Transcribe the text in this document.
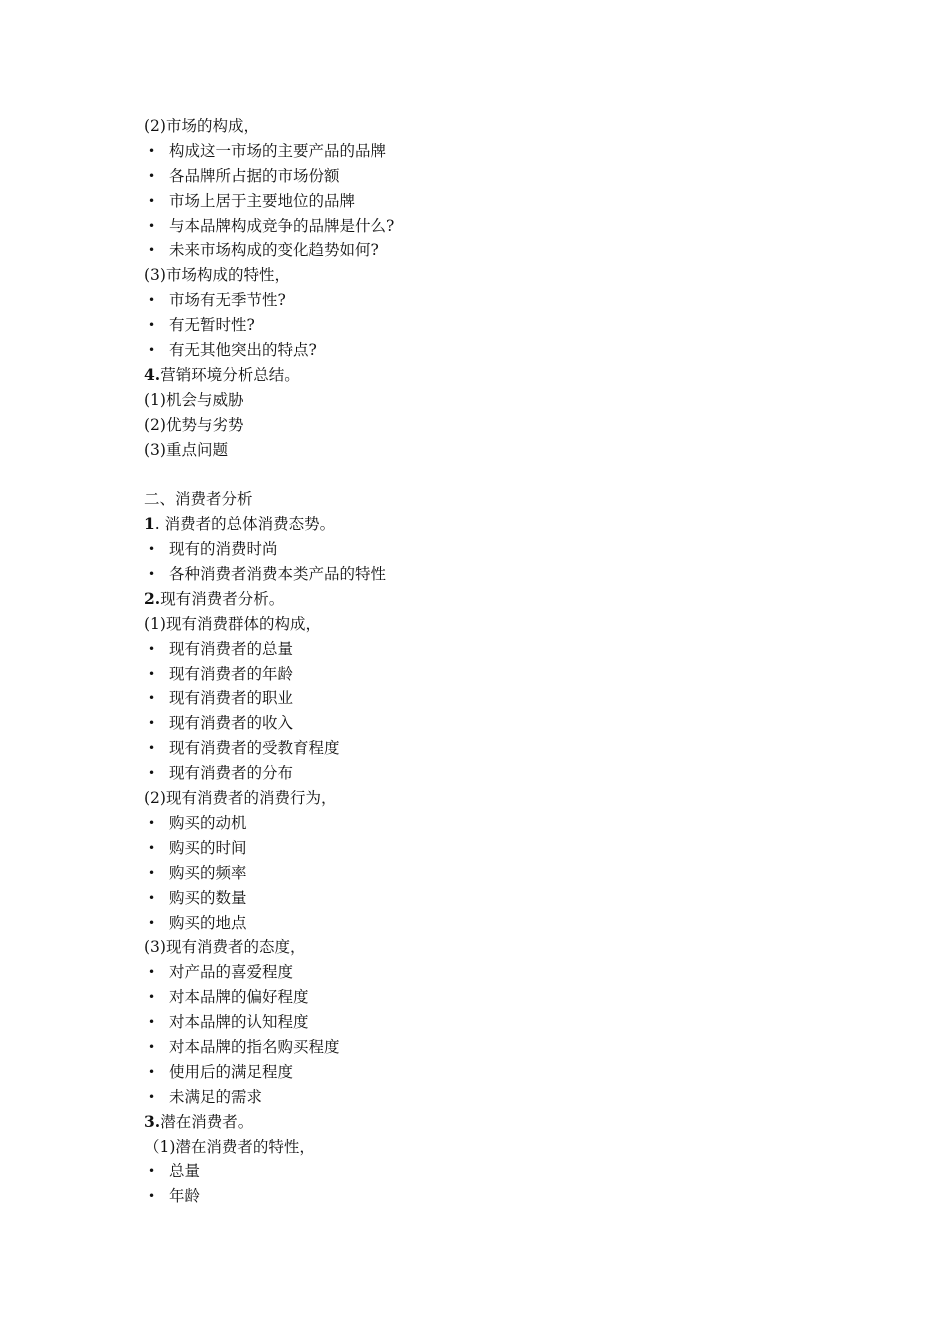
(2)市场的构成，
• 构成这一市场的主要产品的品牌
• 各品牌所占据的市场份额
• 市场上居于主要地位的品牌
• 与本品牌构成竞争的品牌是什么?
• 未来市场构成的变化趋势如何?
(3)市场构成的特性，
• 市场有无季节性?
• 有无暂时性?
• 有无其他突出的特点?
4.营销环境分析总结。
(1)机会与威胁
(2)优势与劣势
(3)重点问题
二、消费者分析
1. 消费者的总体消费态势。
• 现有的消费时尚
• 各种消费者消费本类产品的特性
2.现有消费者分析。
(1)现有消费群体的构成，
• 现有消费者的总量
• 现有消费者的年龄
• 现有消费者的职业
• 现有消费者的收入
• 现有消费者的受教育程度
• 现有消费者的分布
(2)现有消费者的消费行为，
• 购买的动机
• 购买的时间
• 购买的频率
• 购买的数量
• 购买的地点
(3)现有消费者的态度，
• 对产品的喜爱程度
• 对本品牌的偏好程度
• 对本品牌的认知程度
• 对本品牌的指名购买程度
• 使用后的满足程度
• 未满足的需求
3.潜在消费者。
（1)潜在消费者的特性，
• 总量
• 年龄
